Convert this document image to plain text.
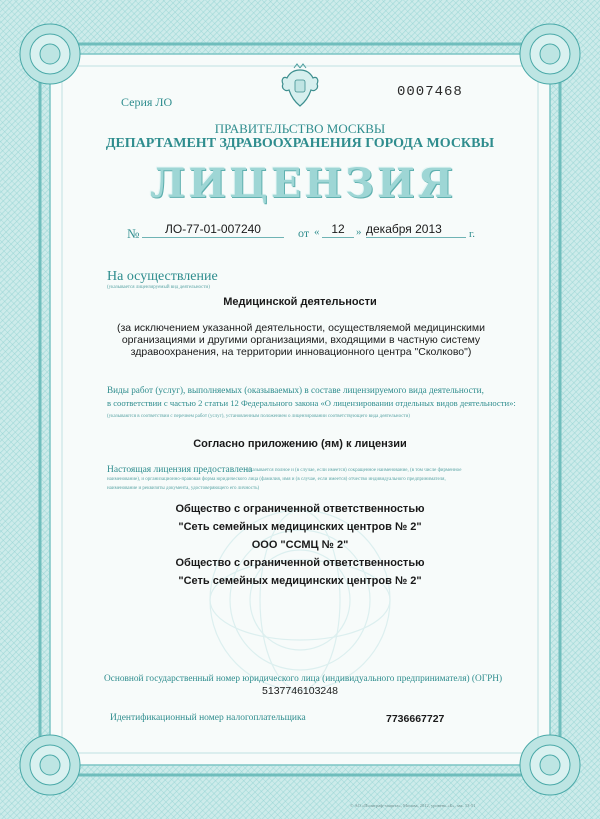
Серия ЛО
0007468
ПРАВИТЕЛЬСТВО МОСКВЫ
ДЕПАРТАМЕНТ ЗДРАВООХРАНЕНИЯ ГОРОДА МОСКВЫ
ЛИЦЕНЗИЯ
№	ЛО-77-01-007240	от « 12	» декабря 2013	г.
На осуществление
(указывается лицензируемый вид деятельности)
Медицинской деятельности
(за исключением указанной деятельности, осуществляемой медицинскими организациями и другими организациями, входящими в частную систему здравоохранения, на территории инновационного центра "Сколково")
Виды работ (услуг), выполняемых (оказываемых) в составе лицензируемого вида деятельности,
в соответствии с частью 2 статьи 12 Федерального закона «О лицензировании отдельных видов деятельности»:
(указываются в соответствии с перечнем работ (услуг), установленным положением о лицензировании соответствующего вида деятельности)
Согласно приложению (ям) к лицензии
Настоящая лицензия предоставлена
(указывается полное и (в случае, если имеется) сокращенное наименование, (в том числе фирменное
наименование), и организационно-правовая форма юридического лица (фамилия, имя и (в случае, если имеется) отчество индивидуального предпринимателя,
наименование и реквизиты документа, удостоверяющего его личность)
Общество с ограниченной ответственностью
"Сеть семейных медицинских центров № 2"
ООО "ССМЦ № 2"
Общество с ограниченной ответственностью
"Сеть семейных медицинских центров № 2"
Основной государственный номер юридического лица (индивидуального предпринимателя) (ОГРН)
5137746103248
Идентификационный номер налогоплательщика	7736667727
© АО «Полиграф-защита», Москва, 2012, уровень «Б», зак. 13-51
